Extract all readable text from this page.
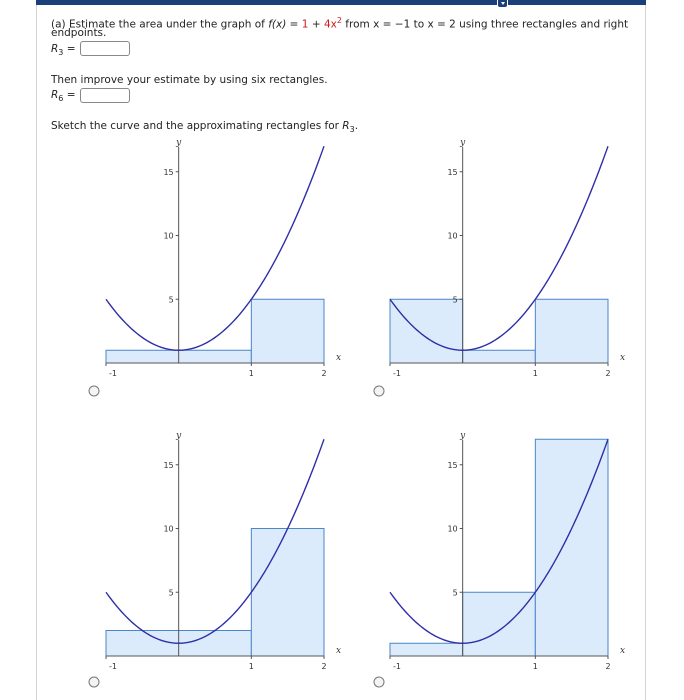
(a) Estimate the area under the graph of $f(x) = 1 + 4x^2$ from x = −1 to x = 2 using three rectangles and right
endpoints.
$R_3$ =
Then improve your estimate by using six rectangles.
$R_6$ =
Sketch the curve and the approximating rectangles for $R_3$.
5
10
15
-1	1	2
y
x
5
10
15
-1	1	2
y
x
5
10
15
-1	1	2
y
x
5
10
15
-1	1	2
y
x
